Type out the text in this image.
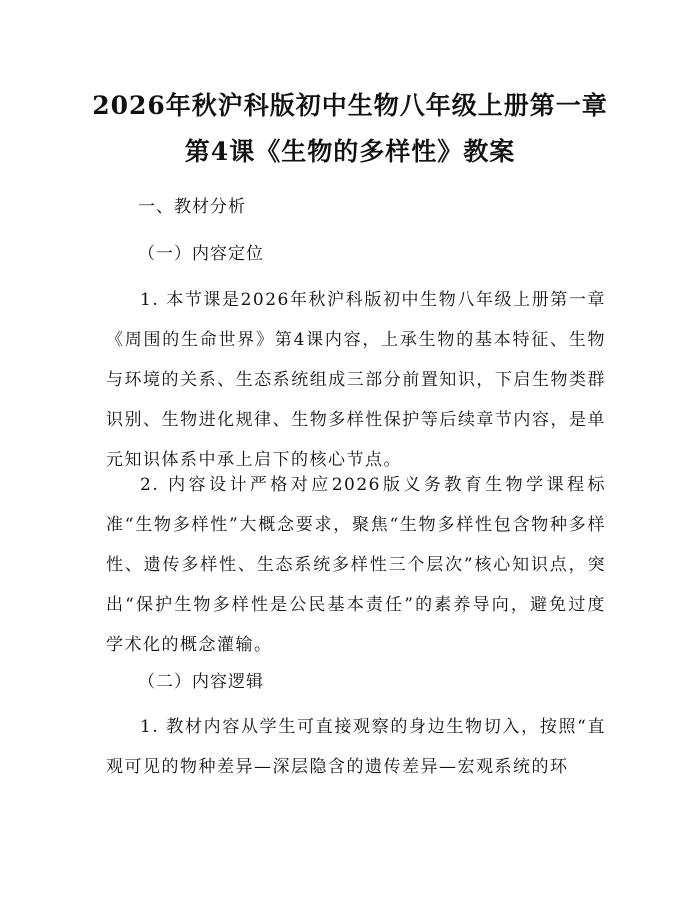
2026年秋沪科版初中生物八年级上册第一章
第4课《生物的多样性》教案
一、教材分析
（一）内容定位
1. 本节课是2026年秋沪科版初中生物八年级上册第一章《周围的生命世界》第4课内容，上承生物的基本特征、生物与环境的关系、生态系统组成三部分前置知识，下启生物类群识别、生物进化规律、生物多样性保护等后续章节内容，是单元知识体系中承上启下的核心节点。
2. 内容设计严格对应2026版义务教育生物学课程标准“生物多样性”大概念要求，聚焦“生物多样性包含物种多样性、遗传多样性、生态系统多样性三个层次”核心知识点，突出“保护生物多样性是公民基本责任”的素养导向，避免过度学术化的概念灌输。
（二）内容逻辑
1. 教材内容从学生可直接观察的身边生物切入，按照“直观可见的物种差异—深层隐含的遗传差异—宏观系统的环
